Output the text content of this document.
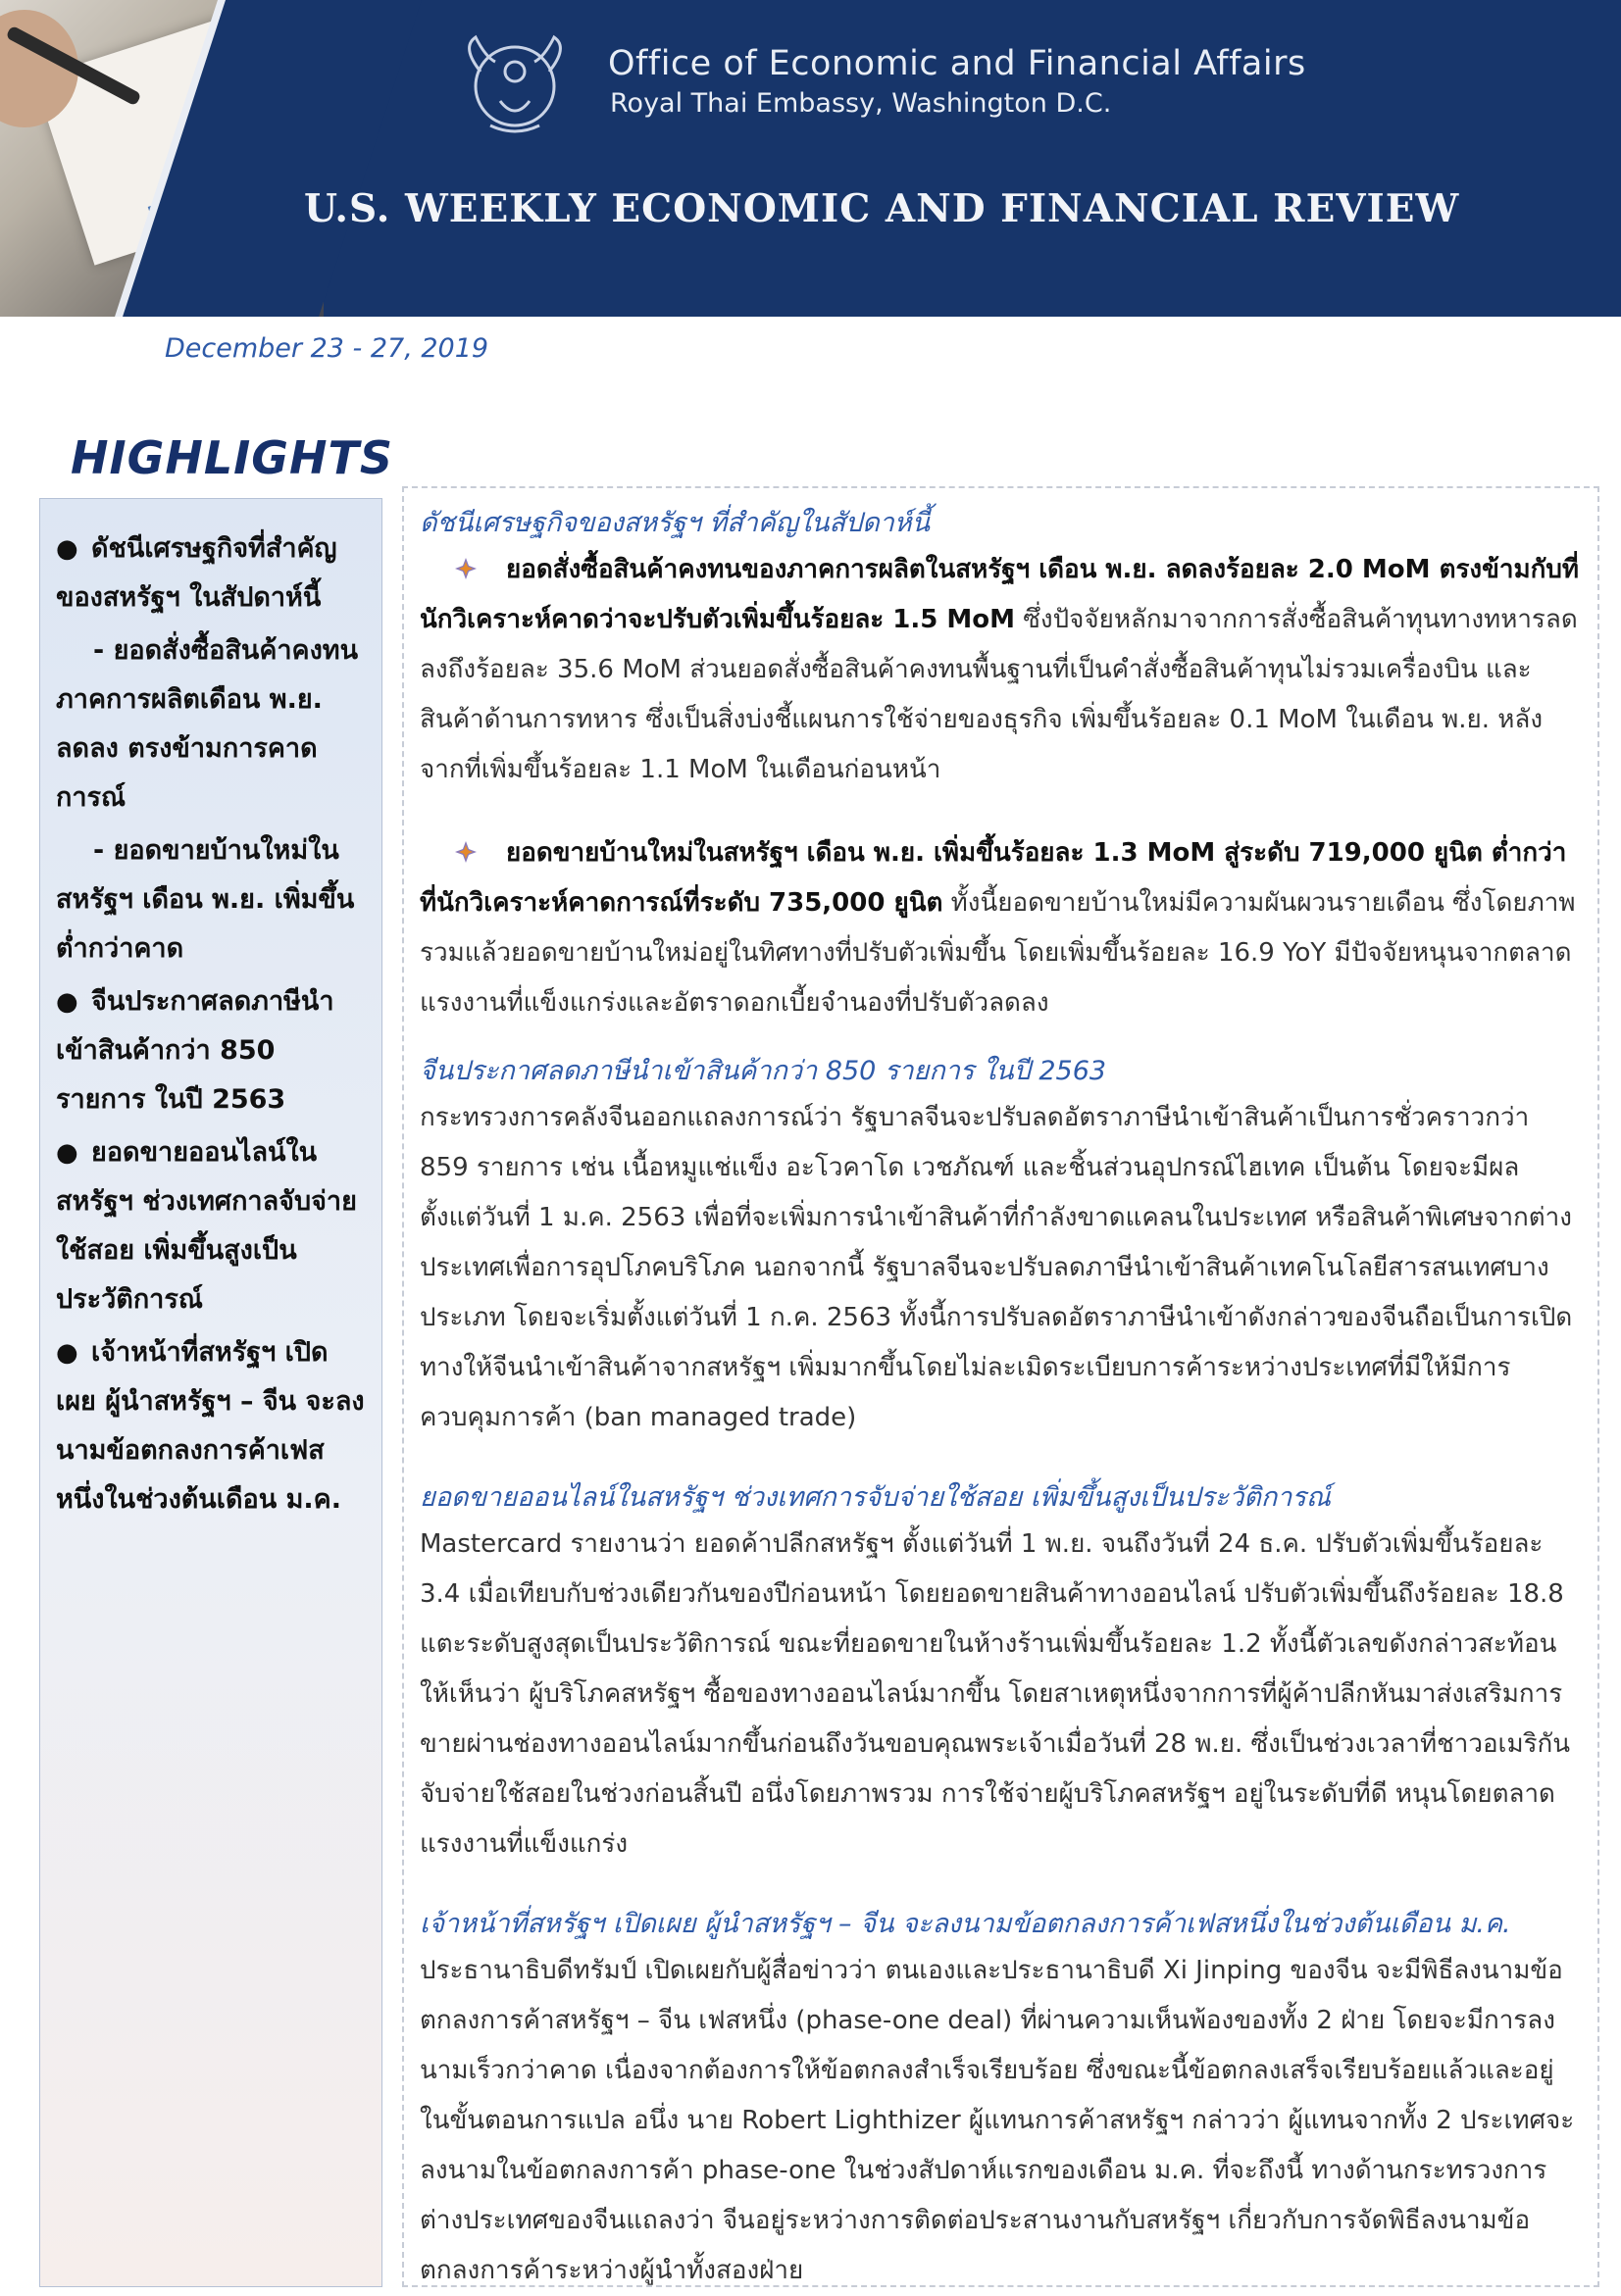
Office of Economic and Financial Affairs
Royal Thai Embassy, Washington D.C.
U.S. WEEKLY ECONOMIC AND FINANCIAL REVIEW
December 23 - 27, 2019
HIGHLIGHTS
● ดัชนีเศรษฐกิจที่สำคัญของสหรัฐฯ ในสัปดาห์นี้
- ยอดสั่งซื้อสินค้าคงทนภาคการผลิตเดือน พ.ย. ลดลง ตรงข้ามการคาดการณ์
- ยอดขายบ้านใหม่ในสหรัฐฯ เดือน พ.ย. เพิ่มขึ้นต่ำกว่าคาด
● จีนประกาศลดภาษีนำเข้าสินค้ากว่า 850 รายการ ในปี 2563
● ยอดขายออนไลน์ในสหรัฐฯ ช่วงเทศกาลจับจ่ายใช้สอย เพิ่มขึ้นสูงเป็นประวัติการณ์
● เจ้าหน้าที่สหรัฐฯ เปิดเผย ผู้นำสหรัฐฯ – จีน จะลงนามข้อตกลงการค้าเฟสหนึ่งในช่วงต้นเดือน ม.ค.

ดัชนีเศรษฐกิจของสหรัฐฯ ที่สำคัญในสัปดาห์นี้

ยอดสั่งซื้อสินค้าคงทนของภาคการผลิตในสหรัฐฯ เดือน พ.ย. ลดลงร้อยละ 2.0 MoM ตรงข้ามกับที่นักวิเคราะห์คาดว่าจะปรับตัวเพิ่มขึ้นร้อยละ 1.5 MoM ซึ่งปัจจัยหลักมาจากการสั่งซื้อสินค้าทุนทางทหารลดลงถึงร้อยละ 35.6 MoM ส่วนยอดสั่งซื้อสินค้าคงทนพื้นฐานที่เป็นคำสั่งซื้อสินค้าทุนไม่รวมเครื่องบิน และสินค้าด้านการทหาร ซึ่งเป็นสิ่งบ่งชี้แผนการใช้จ่ายของธุรกิจ เพิ่มขึ้นร้อยละ 0.1 MoM ในเดือน พ.ย. หลังจากที่เพิ่มขึ้นร้อยละ 1.1 MoM ในเดือนก่อนหน้า

ยอดขายบ้านใหม่ในสหรัฐฯ เดือน พ.ย. เพิ่มขึ้นร้อยละ 1.3 MoM สู่ระดับ 719,000 ยูนิต ต่ำกว่าที่นักวิเคราะห์คาดการณ์ที่ระดับ 735,000 ยูนิต ทั้งนี้ยอดขายบ้านใหม่มีความผันผวนรายเดือน ซึ่งโดยภาพรวมแล้วยอดขายบ้านใหม่อยู่ในทิศทางที่ปรับตัวเพิ่มขึ้น โดยเพิ่มขึ้นร้อยละ 16.9 YoY มีปัจจัยหนุนจากตลาดแรงงานที่แข็งแกร่งและอัตราดอกเบี้ยจำนองที่ปรับตัวลดลง

จีนประกาศลดภาษีนำเข้าสินค้ากว่า 850 รายการ ในปี 2563

กระทรวงการคลังจีนออกแถลงการณ์ว่า รัฐบาลจีนจะปรับลดอัตราภาษีนำเข้าสินค้าเป็นการชั่วคราวกว่า 859 รายการ เช่น เนื้อหมูแช่แข็ง อะโวคาโด เวชภัณฑ์ และชิ้นส่วนอุปกรณ์ไฮเทค เป็นต้น โดยจะมีผลตั้งแต่วันที่ 1 ม.ค. 2563 เพื่อที่จะเพิ่มการนำเข้าสินค้าที่กำลังขาดแคลนในประเทศ หรือสินค้าพิเศษจากต่างประเทศเพื่อการอุปโภคบริโภค นอกจากนี้ รัฐบาลจีนจะปรับลดภาษีนำเข้าสินค้าเทคโนโลยีสารสนเทศบางประเภท โดยจะเริ่มตั้งแต่วันที่ 1 ก.ค. 2563 ทั้งนี้การปรับลดอัตราภาษีนำเข้าดังกล่าวของจีนถือเป็นการเปิดทางให้จีนนำเข้าสินค้าจากสหรัฐฯ เพิ่มมากขึ้นโดยไม่ละเมิดระเบียบการค้าระหว่างประเทศที่มีให้มีการควบคุมการค้า (ban managed trade)

ยอดขายออนไลน์ในสหรัฐฯ ช่วงเทศการจับจ่ายใช้สอย เพิ่มขึ้นสูงเป็นประวัติการณ์

Mastercard รายงานว่า ยอดค้าปลีกสหรัฐฯ ตั้งแต่วันที่ 1 พ.ย. จนถึงวันที่ 24 ธ.ค. ปรับตัวเพิ่มขึ้นร้อยละ 3.4 เมื่อเทียบกับช่วงเดียวกันของปีก่อนหน้า โดยยอดขายสินค้าทางออนไลน์ ปรับตัวเพิ่มขึ้นถึงร้อยละ 18.8 แตะระดับสูงสุดเป็นประวัติการณ์ ขณะที่ยอดขายในห้างร้านเพิ่มขึ้นร้อยละ 1.2 ทั้งนี้ตัวเลขดังกล่าวสะท้อนให้เห็นว่า ผู้บริโภคสหรัฐฯ ซื้อของทางออนไลน์มากขึ้น โดยสาเหตุหนึ่งจากการที่ผู้ค้าปลีกหันมาส่งเสริมการขายผ่านช่องทางออนไลน์มากขึ้นก่อนถึงวันขอบคุณพระเจ้าเมื่อวันที่ 28 พ.ย. ซึ่งเป็นช่วงเวลาที่ชาวอเมริกันจับจ่ายใช้สอยในช่วงก่อนสิ้นปี อนึ่งโดยภาพรวม การใช้จ่ายผู้บริโภคสหรัฐฯ อยู่ในระดับที่ดี หนุนโดยตลาดแรงงานที่แข็งแกร่ง

เจ้าหน้าที่สหรัฐฯ เปิดเผย ผู้นำสหรัฐฯ – จีน จะลงนามข้อตกลงการค้าเฟสหนึ่งในช่วงต้นเดือน ม.ค.

ประธานาธิบดีทรัมป์ เปิดเผยกับผู้สื่อข่าวว่า ตนเองและประธานาธิบดี Xi Jinping ของจีน จะมีพิธีลงนามข้อตกลงการค้าสหรัฐฯ – จีน เฟสหนึ่ง (phase-one deal) ที่ผ่านความเห็นพ้องของทั้ง 2 ฝ่าย โดยจะมีการลงนามเร็วกว่าคาด เนื่องจากต้องการให้ข้อตกลงสำเร็จเรียบร้อย ซึ่งขณะนี้ข้อตกลงเสร็จเรียบร้อยแล้วและอยู่ในขั้นตอนการแปล อนึ่ง นาย Robert Lighthizer ผู้แทนการค้าสหรัฐฯ กล่าวว่า ผู้แทนจากทั้ง 2 ประเทศจะลงนามในข้อตกลงการค้า phase-one ในช่วงสัปดาห์แรกของเดือน ม.ค. ที่จะถึงนี้ ทางด้านกระทรวงการต่างประเทศของจีนแถลงว่า จีนอยู่ระหว่างการติดต่อประสานงานกับสหรัฐฯ เกี่ยวกับการจัดพิธีลงนามข้อตกลงการค้าระหว่างผู้นำทั้งสองฝ่าย
